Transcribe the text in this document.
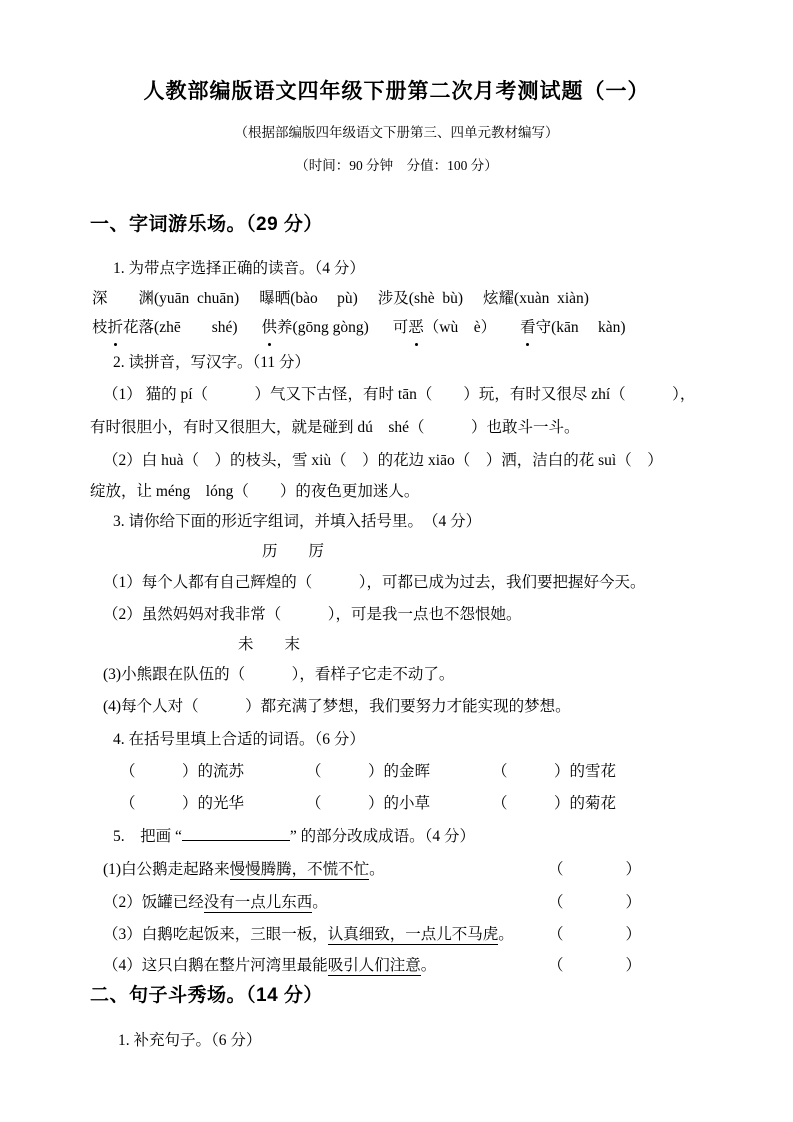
人教部编版语文四年级下册第二次月考测试题（一）
（根据部编版四年级语文下册第三、四单元教材编写）
（时间：90 分钟　分值：100 分）
一、字词游乐场。（29 分）
1. 为带点字选择正确的读音。（4 分）
深　　渊(yuān  chuān) 曝晒(bào　 pù) 涉及(shè  bù) 炫耀(xuàn  xiàn)
枝折花落(zhē　　shé) 供养(gōng gòng) 可恶（wù　è） 看守(kān　 kàn)
2. 读拼音，写汉字。（11 分）
（1） 猫的 pí（　　　）气又下古怪，有时 tān（　　）玩，有时又很尽 zhí（　　　），
有时很胆小，有时又很胆大，就是碰到 dú　shé（　　　）也敢斗一斗。
（2）白 huà（　）的枝头，雪 xiù（　）的花边 xiāo（　）洒，洁白的花 suì（　）
绽放，让 méng　lóng（　　）的夜色更加迷人。
3. 请你给下面的形近字组词，并填入括号里。　（4 分）
历　　厉
（1）每个人都有自己辉煌的（　　　），可都已成为过去，我们要把握好今天。
（2）虽然妈妈对我非常（　　　），可是我一点也不怨恨她。
未　　末
(3)小熊跟在队伍的（　　　），看样子它走不动了。
(4)每个人对（　　　）都充满了梦想，我们要努力才能实现的梦想。
4. 在括号里填上合适的词语。（6 分）
（　　　）的流苏	（　　　）的金晖	（　　　）的雪花
（　　　）的光华	（　　　）的小草	（　　　）的菊花
5.　把画 “	” 的部分改成成语。（4 分）
(1)白公鹅走起路来慢慢腾腾，不慌不忙。	（　　　　）
（2）饭罐已经没有一点儿东西。	（　　　　）
（3）白鹅吃起饭来，三眼一板，认真细致，一点儿不马虎。 （　　　　）
（4）这只白鹅在整片河湾里最能吸引人们注意。	（　　　　）
二、句子斗秀场。（14 分）
1. 补充句子。（6 分）
